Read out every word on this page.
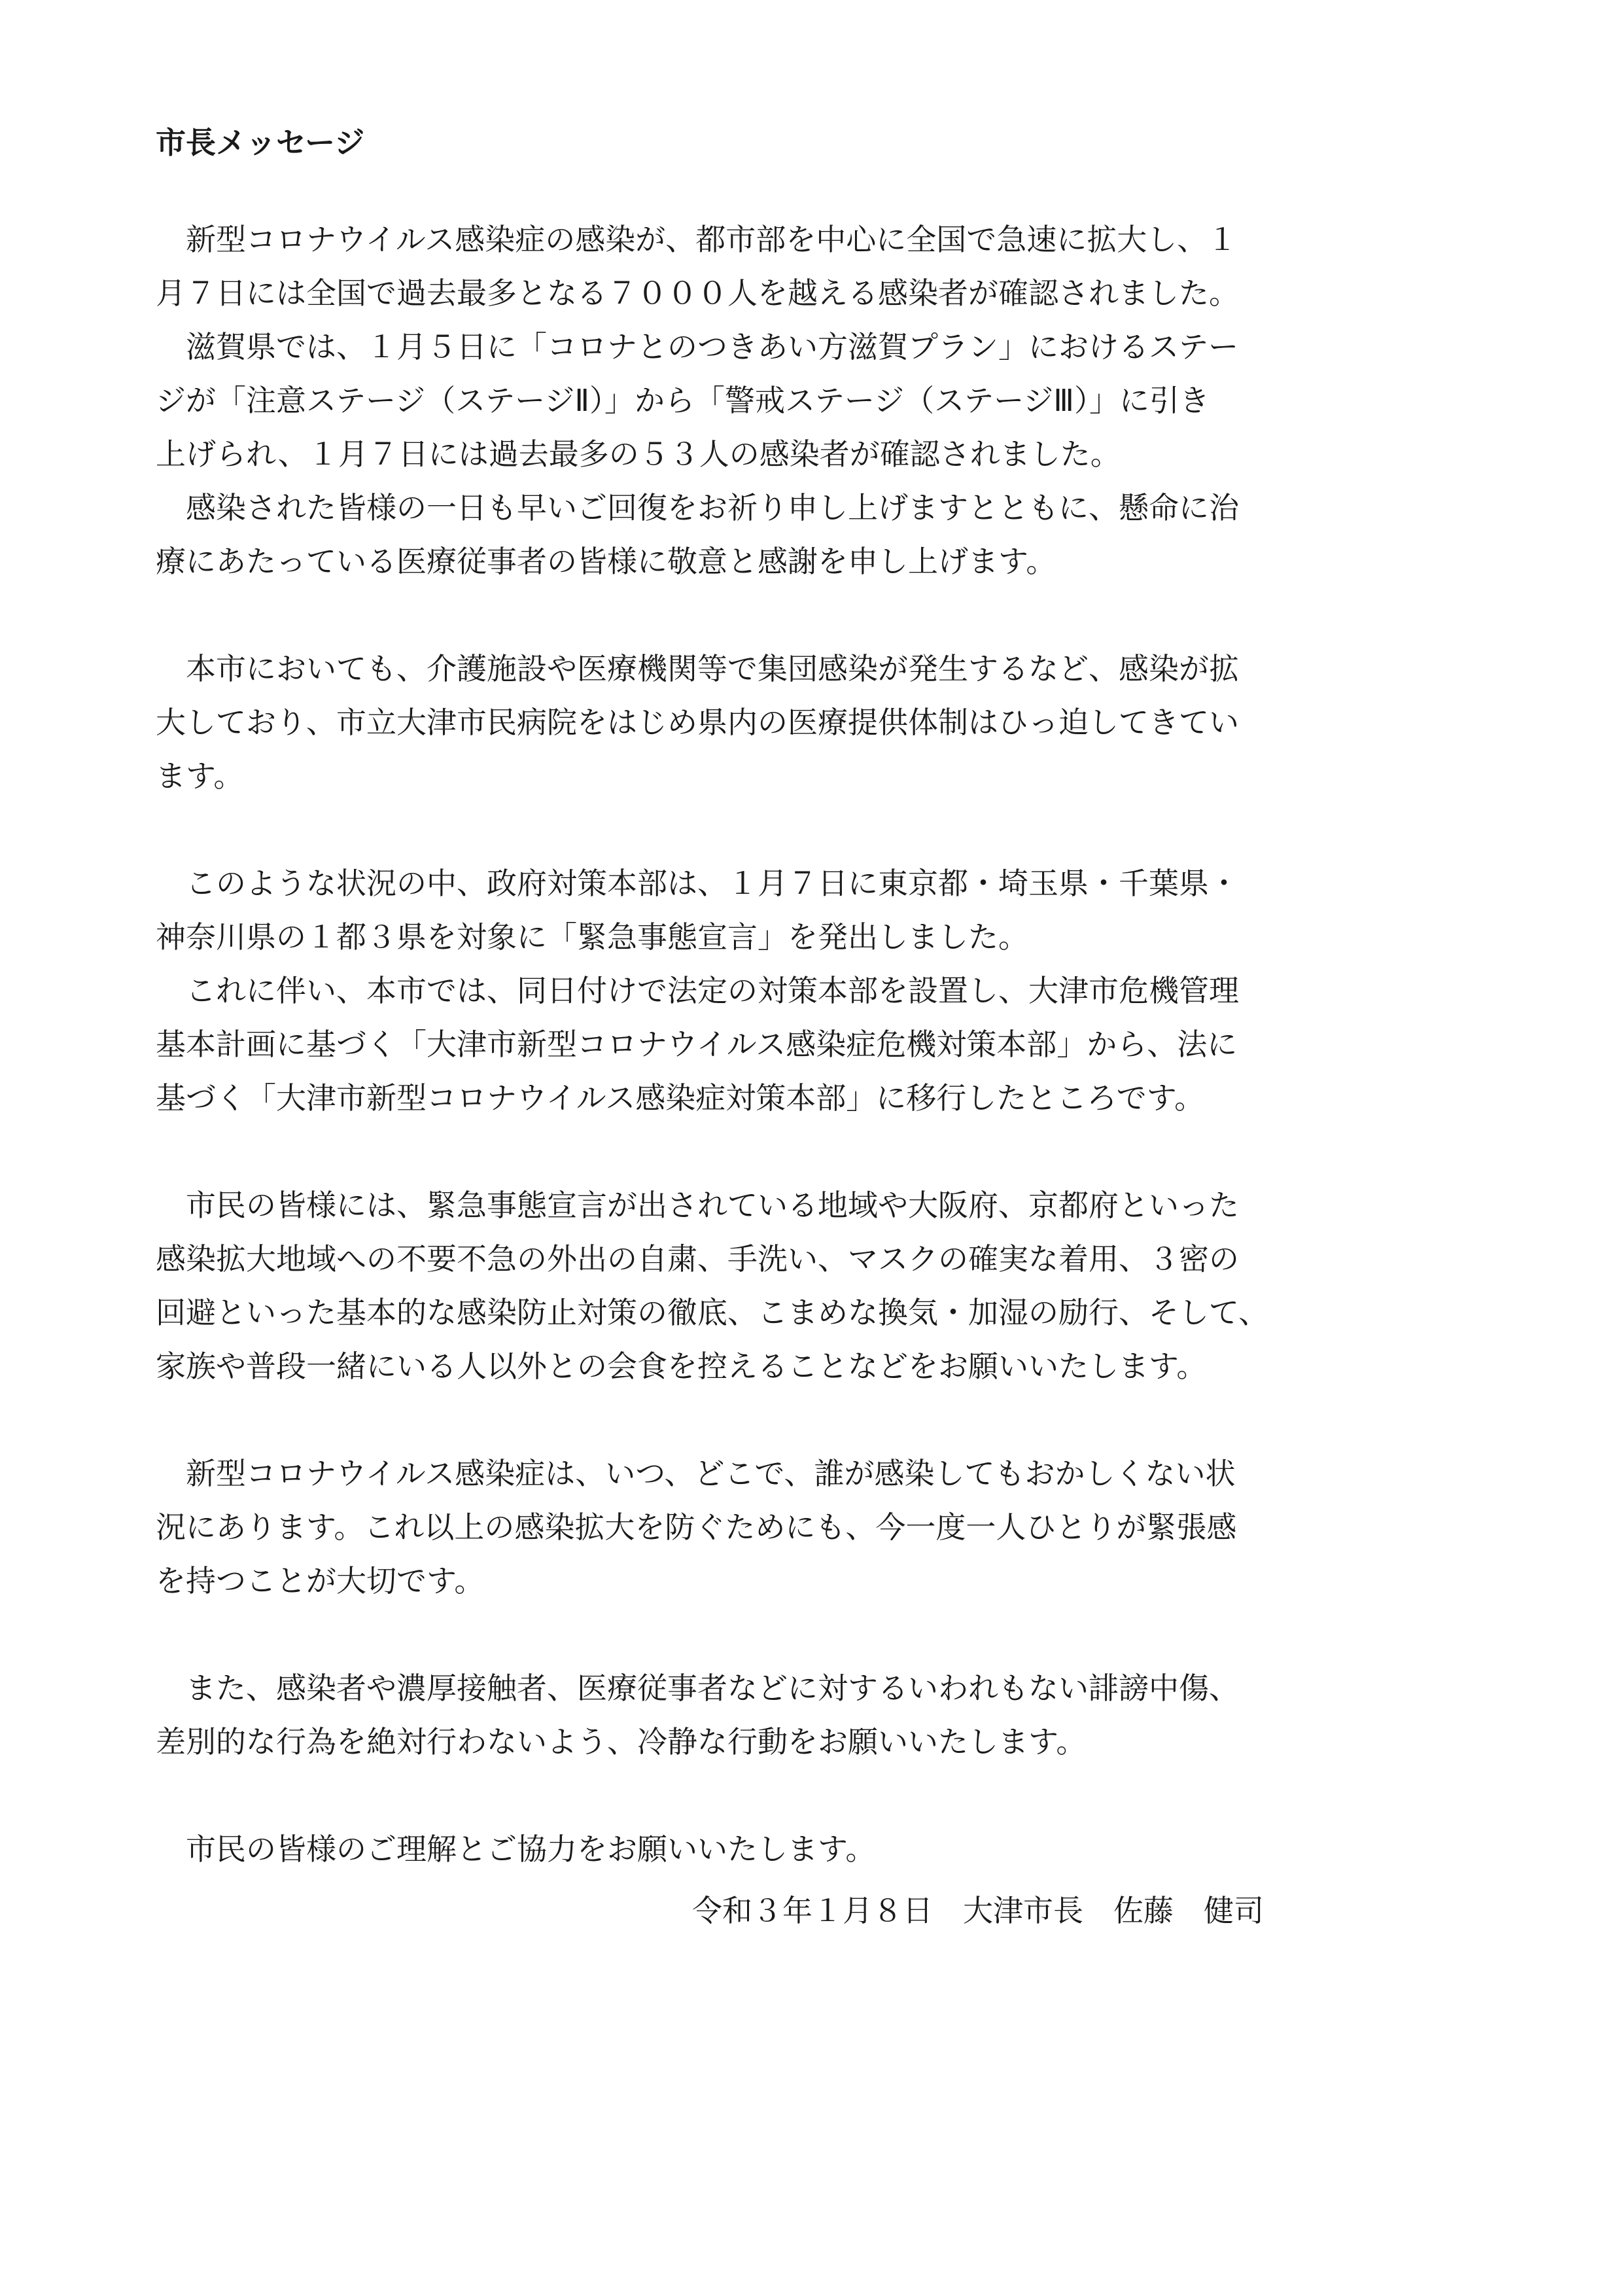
市長メッセージ

　新型コロナウイルス感染症の感染が、都市部を中心に全国で急速に拡大し、１
月７日には全国で過去最多となる７０００人を越える感染者が確認されました。

　滋賀県では、１月５日に「コロナとのつきあい方滋賀プラン」におけるステー
ジが「注意ステージ（ステージⅡ）」から「警戒ステージ（ステージⅢ）」に引き
上げられ、１月７日には過去最多の５３人の感染者が確認されました。

　感染された皆様の一日も早いご回復をお祈り申し上げますとともに、懸命に治
療にあたっている医療従事者の皆様に敬意と感謝を申し上げます。

　本市においても、介護施設や医療機関等で集団感染が発生するなど、感染が拡
大しており、市立大津市民病院をはじめ県内の医療提供体制はひっ迫してきてい
ます。

　このような状況の中、政府対策本部は、１月７日に東京都・埼玉県・千葉県・
神奈川県の１都３県を対象に「緊急事態宣言」を発出しました。

　これに伴い、本市では、同日付けで法定の対策本部を設置し、大津市危機管理
基本計画に基づく「大津市新型コロナウイルス感染症危機対策本部」から、法に
基づく「大津市新型コロナウイルス感染症対策本部」に移行したところです。

　市民の皆様には、緊急事態宣言が出されている地域や大阪府、京都府といった
感染拡大地域への不要不急の外出の自粛、手洗い、マスクの確実な着用、３密の
回避といった基本的な感染防止対策の徹底、こまめな換気・加湿の励行、そして、
家族や普段一緒にいる人以外との会食を控えることなどをお願いいたします。

　新型コロナウイルス感染症は、いつ、どこで、誰が感染してもおかしくない状
況にあります。これ以上の感染拡大を防ぐためにも、今一度一人ひとりが緊張感
を持つことが大切です。

　また、感染者や濃厚接触者、医療従事者などに対するいわれもない誹謗中傷、
差別的な行為を絶対行わないよう、冷静な行動をお願いいたします。

　市民の皆様のご理解とご協力をお願いいたします。

令和３年１月８日　大津市長　佐藤　健司
